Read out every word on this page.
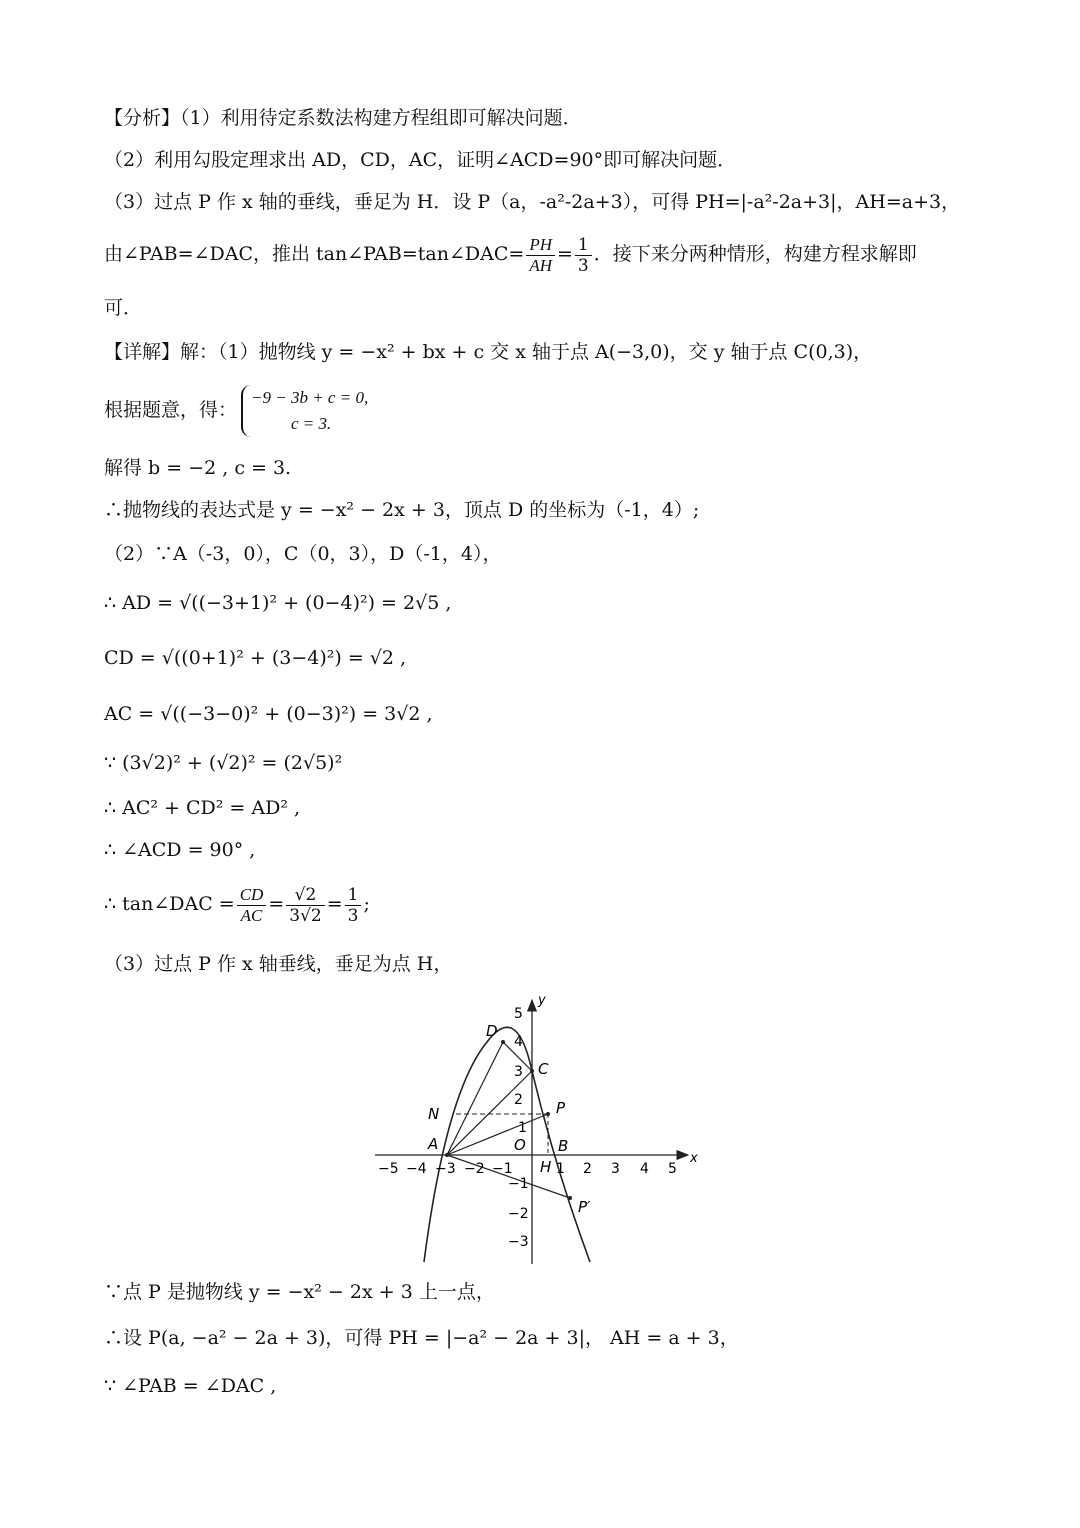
【分析】（1）利用待定系数法构建方程组即可解决问题．
（2）利用勾股定理求出 AD，CD，AC，证明∠ACD=90°即可解决问题．
（3）过点 P 作 x 轴的垂线，垂足为 H．设 P（a，-a²-2a+3），可得 PH=|-a²-2a+3|，AH=a+3，
由∠PAB=∠DAC，推出 tan∠PAB=tan∠DAC= $\frac{PH}{AH} = \frac{1}{3}$ ．接下来分两种情形，构建方程求解即
可．
【详解】解：（1）抛物线 y = −x² + bx + c 交 x 轴于点 A(−3,0)，交 y 轴于点 C(0,3)，
根据题意，得：
−9 − 3b + c = 0,
c = 3.
解得 b = −2 , c = 3.
∴抛物线的表达式是 y = −x² − 2x + 3，顶点 D 的坐标为（-1，4）;
（2）∵A（-3，0），C（0，3），D（-1，4），
∴ AD = √((−3+1)² + (0−4)²) = 2√5 ,
CD = √((0+1)² + (3−4)²) = √2 ,
AC = √((−3−0)² + (0−3)²) = 3√2 ,
∵ (3√2)² + (√2)² = (2√5)²
∴ AC² + CD² = AD² ,
∴ ∠ACD = 90° ,
∴ tan∠DAC = $\frac{CD}{AC} = \frac{√2}{3√2} = \frac{1}{3}$ ;
（3）过点 P 作 x 轴垂线，垂足为点 H，
x
y
D
C
P
N
A	O B
H
P′
−5 −4 −3 −2 −1	1 2 3 4 5
5
4
3
2
1
−1
−2
−3
∵点 P 是抛物线 y = −x² − 2x + 3 上一点，
∴设 P(a, −a² − 2a + 3)，可得 PH = |−a² − 2a + 3|， AH = a + 3，
∵ ∠PAB = ∠DAC ,
